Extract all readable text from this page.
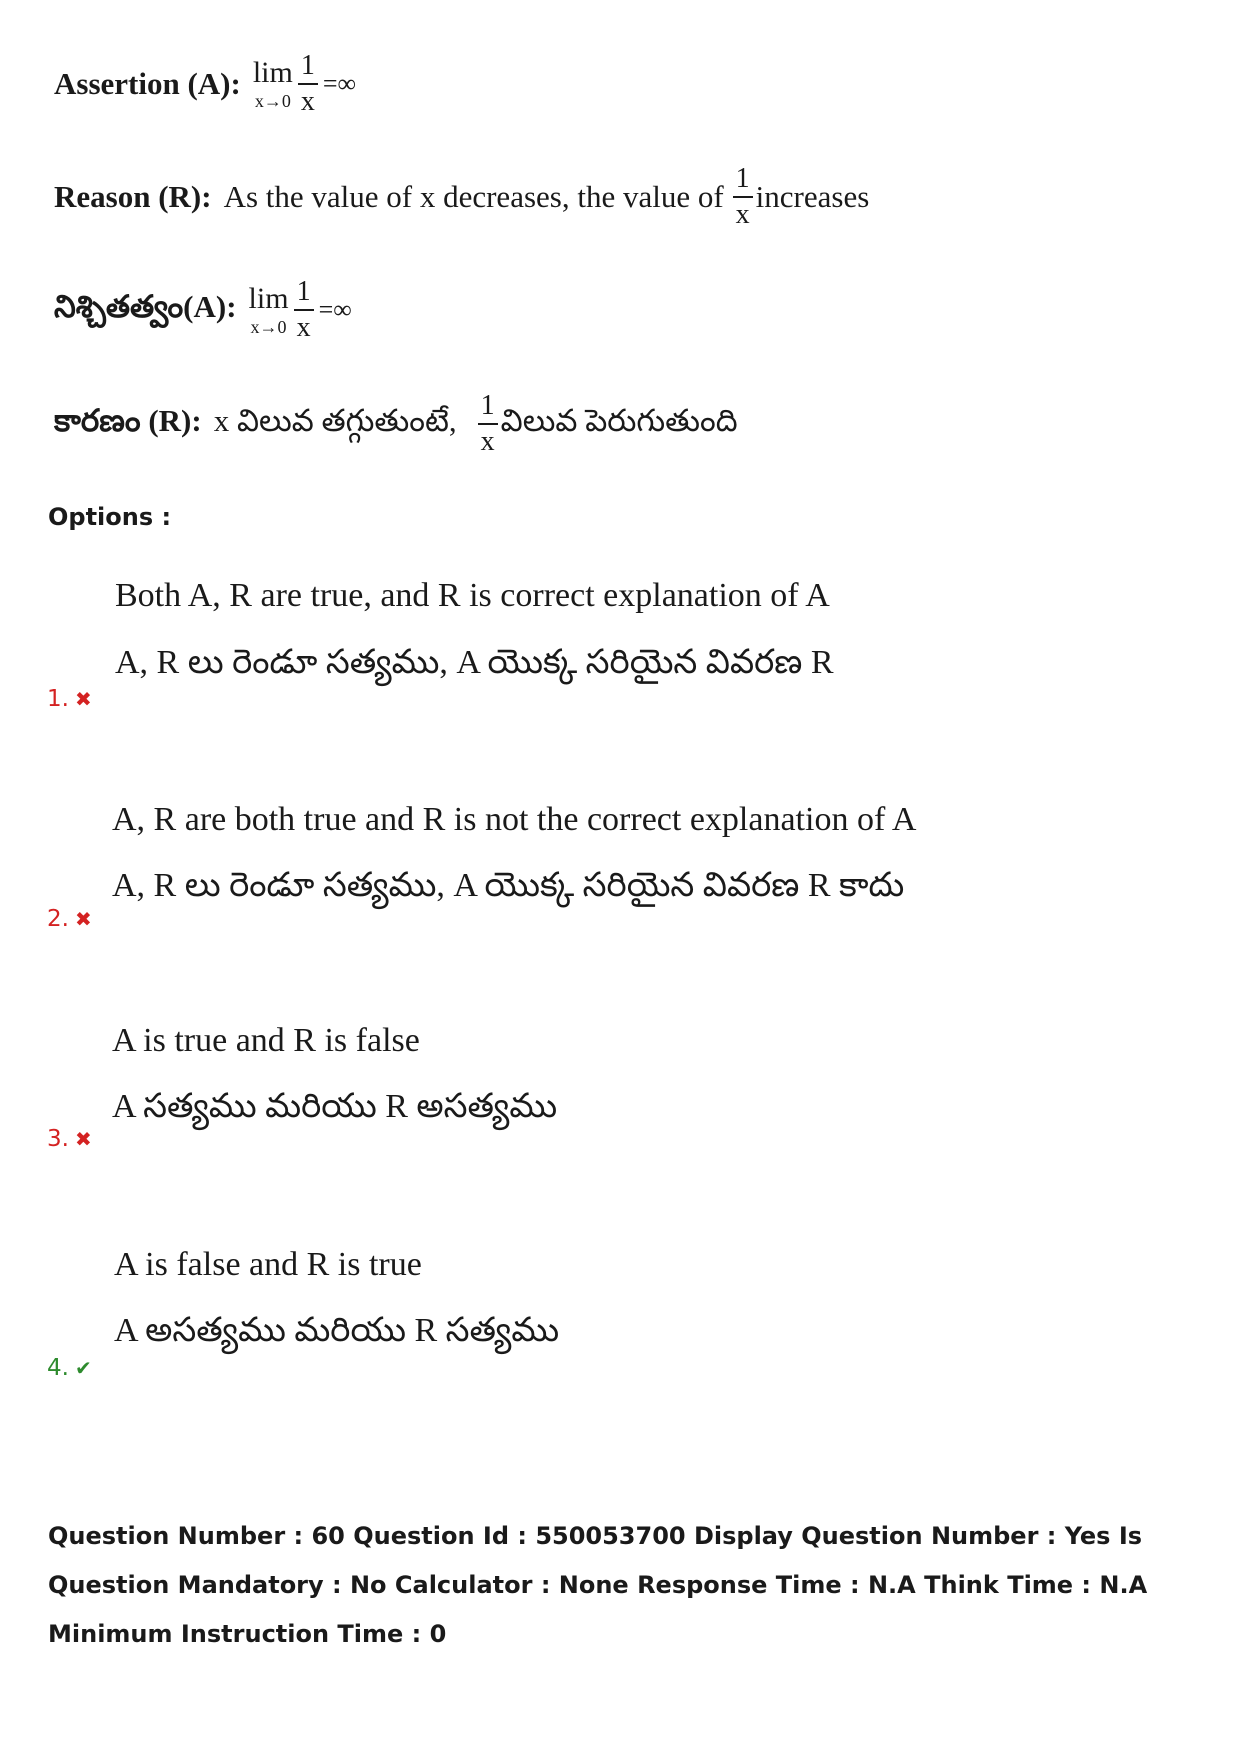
Assertion (A): lim
$x\to 0 \frac{1}{x}$ =∞
Reason (R): As the value of x decreases, the value of $\frac{1}{x}$ increases
నిశ్చితత్వం(A): lim
$x\to 0 \frac{1}{x}$ =∞
కారణం (R): x విలువ తగ్గుతుంటే, $\frac{1}{x}$ విలువ పెరుగుతుంది
Options :
Both A, R are true, and R is correct explanation of A
A, R లు రెండూ సత్యము, A యొక్క సరియైన వివరణ R
1. ✖
A, R are both true and R is not the correct explanation of A
A, R లు రెండూ సత్యము, A యొక్క సరియైన వివరణ R కాదు
2. ✖
A is true and R is false
A సత్యము మరియు R అసత్యము
3. ✖
A is false and R is true
A అసత్యము మరియు R సత్యము
4. ✔
Question Number : 60 Question Id : 550053700 Display Question Number : Yes Is Question Mandatory : No Calculator : None Response Time : N.A Think Time : N.A Minimum Instruction Time : 0
